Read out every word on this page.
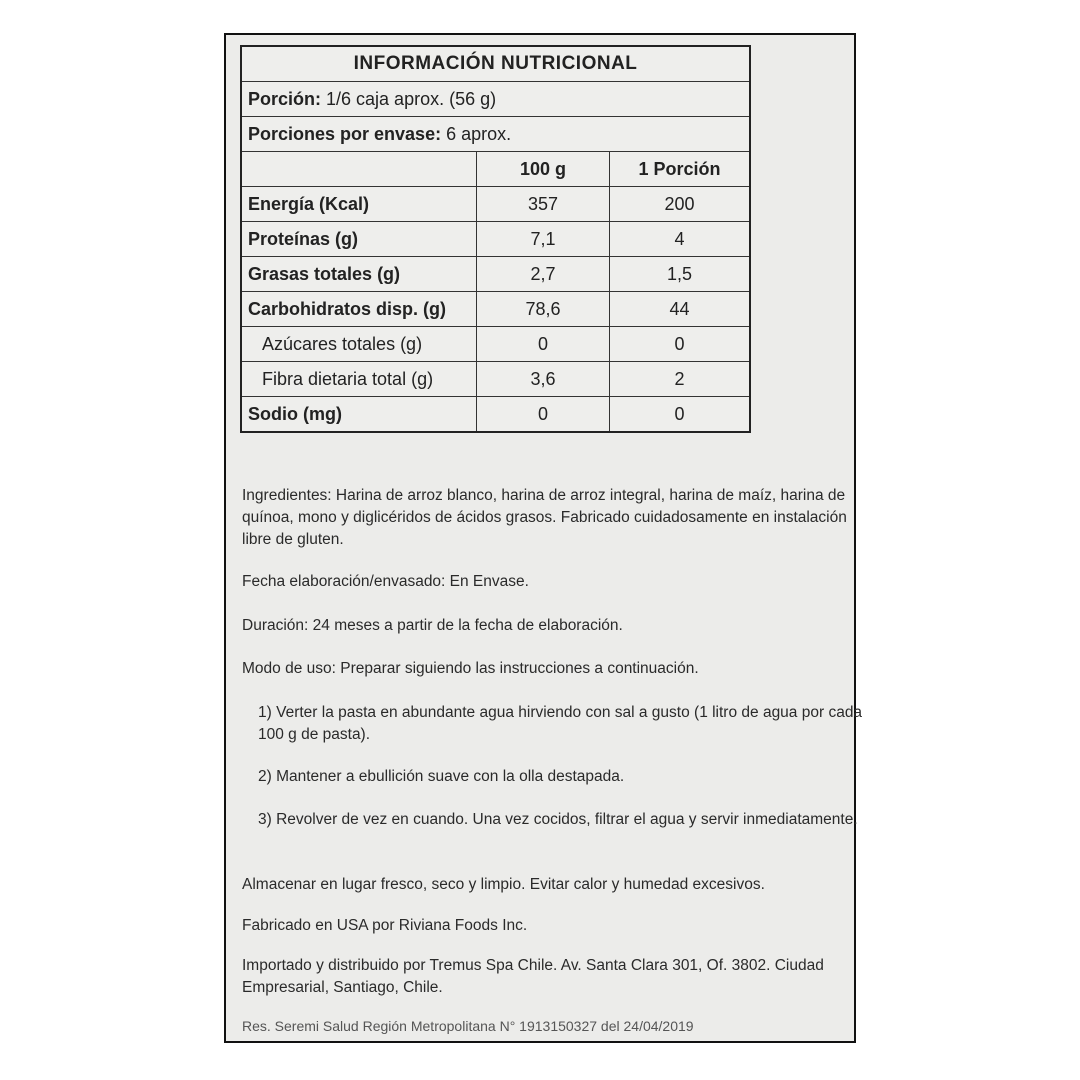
INFORMACIÓN NUTRICIONAL		
Porción: 1/6 caja aprox. (56 g)		
Porciones por envase: 6 aprox.		
	100 g	1 Porción
Energía (Kcal)	357	200
Proteínas (g)	7,1	4
Grasas totales (g)	2,7	1,5
Carbohidratos disp. (g)	78,6	44
Azúcares totales (g)	0	0
Fibra dietaria total (g)	3,6	2
Sodio (mg)	0	0
Ingredientes: Harina de arroz blanco, harina de arroz integral, harina de maíz, harina de quínoa, mono y diglicéridos de ácidos grasos. Fabricado cuidadosamente en instalación libre de gluten.
Fecha elaboración/envasado: En Envase.
Duración: 24 meses a partir de la fecha de elaboración.
Modo de uso: Preparar siguiendo las instrucciones a continuación.
1) Verter la pasta en abundante agua hirviendo con sal a gusto (1 litro de agua por cada 100 g de pasta).
2) Mantener a ebullición suave con la olla destapada.
3) Revolver de vez en cuando. Una vez cocidos, filtrar el agua y servir inmediatamente.
Almacenar en lugar fresco, seco y limpio. Evitar calor y humedad excesivos.
Fabricado en USA por Riviana Foods Inc.
Importado y distribuido por Tremus Spa Chile. Av. Santa Clara 301, Of. 3802. Ciudad Empresarial, Santiago, Chile.
Res. Seremi Salud Región Metropolitana N° 1913150327 del 24/04/2019
